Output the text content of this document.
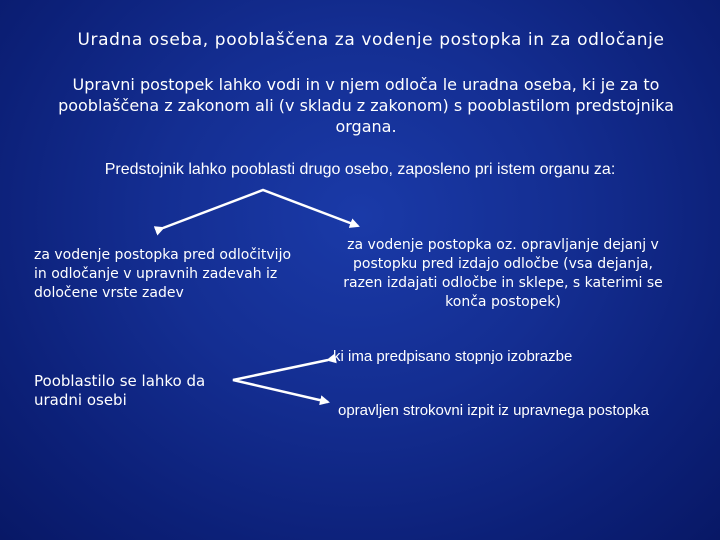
Uradna oseba, pooblaščena za vodenje postopka in za odločanje

Upravni postopek lahko vodi in v njem odloča le uradna oseba, ki je za to pooblaščena z zakonom ali (v skladu z zakonom) s pooblastilom predstojnika organa.

Predstojnik lahko pooblasti drugo osebo, zaposleno pri istem organu za:

za vodenje postopka pred odločitvijo in odločanje v upravnih zadevah iz določene vrste zadev

za vodenje postopka oz. opravljanje dejanj v postopku pred izdajo odločbe (vsa dejanja, razen izdajati odločbe in sklepe, s katerimi se konča postopek)

Pooblastilo se lahko da uradni osebi

ki ima predpisano stopnjo izobrazbe

opravljen strokovni izpit iz upravnega postopka
